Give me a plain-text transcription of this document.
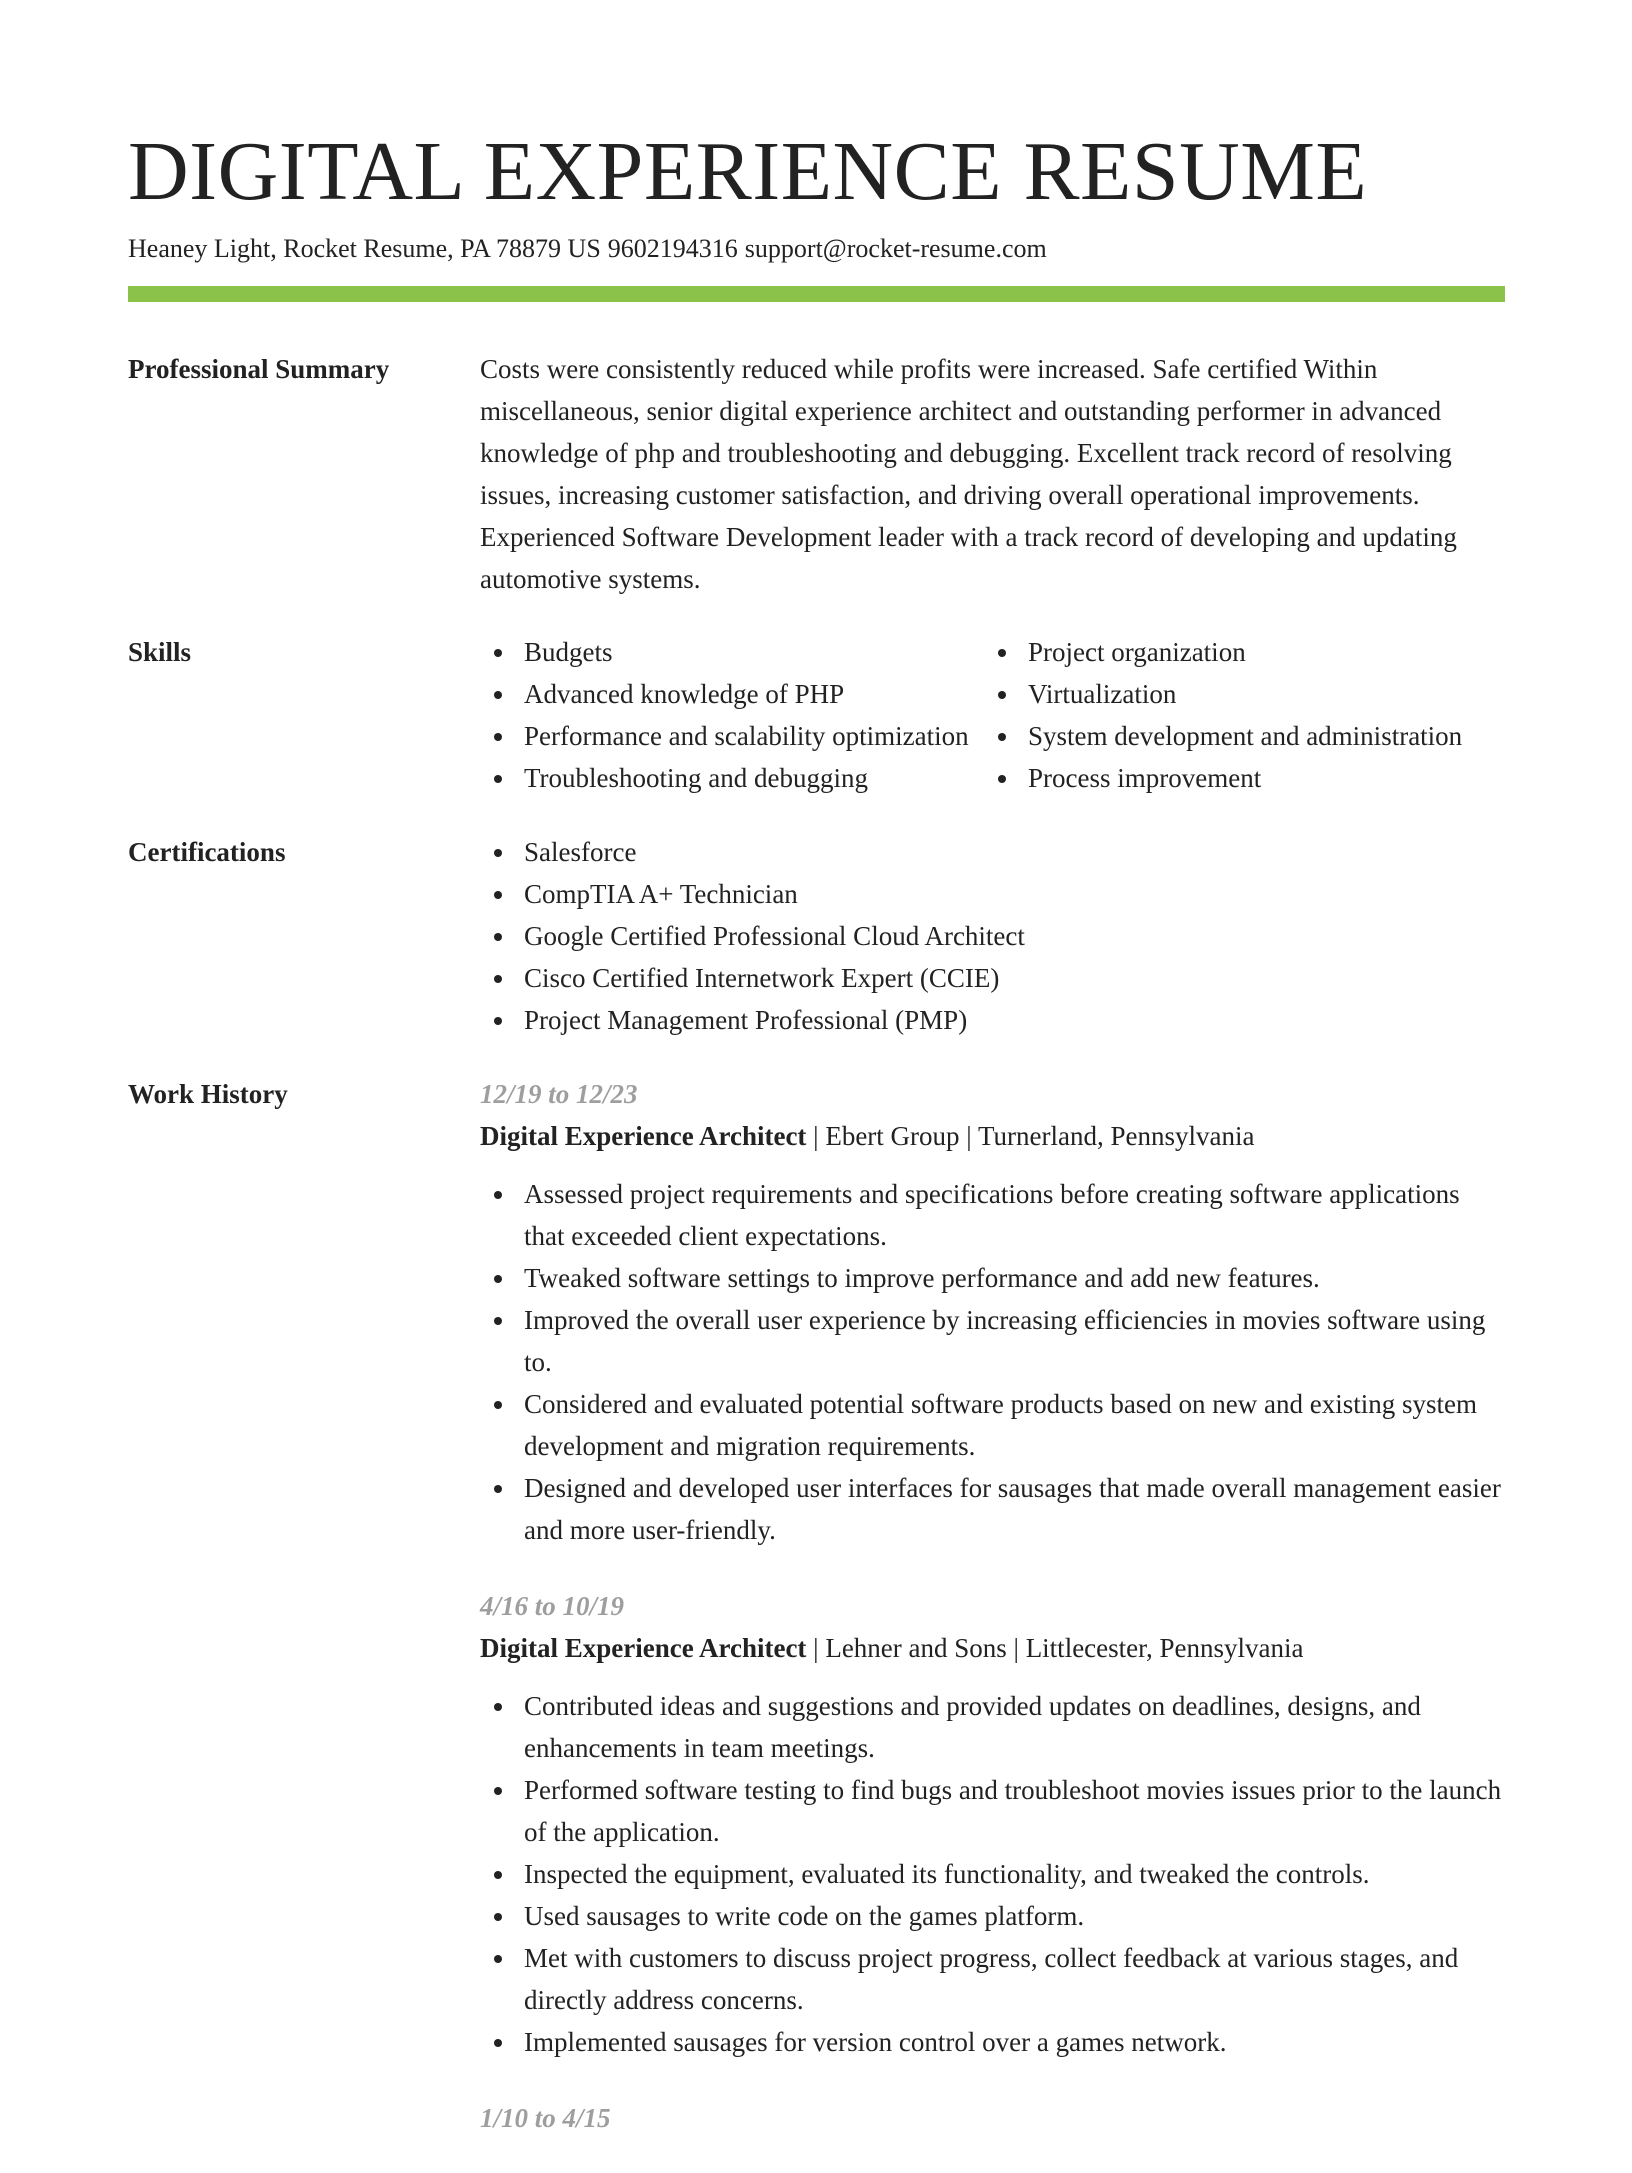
DIGITAL EXPERIENCE RESUME
Heaney Light, Rocket Resume, PA 78879 US 9602194316 support@rocket-resume.com
Professional Summary	Costs were consistently reduced while profits were increased. Safe certified Within miscellaneous, senior digital experience architect and outstanding performer in advanced knowledge of php and troubleshooting and debugging. Excellent track record of resolving issues, increasing customer satisfaction, and driving overall operational improvements. Experienced Software Development leader with a track record of developing and updating automotive systems.
Skills	Budgets
Advanced knowledge of PHP
Performance and scalability optimization
Troubleshooting and debugging
Project organization
Virtualization
System development and administration
Process improvement
Certifications	Salesforce
CompTIA A+ Technician
Google Certified Professional Cloud Architect
Cisco Certified Internetwork Expert (CCIE)
Project Management Professional (PMP)
Work History	12/19 to 12/23
Digital Experience Architect | Ebert Group | Turnerland, Pennsylvania
Assessed project requirements and specifications before creating software applications that exceeded client expectations.
Tweaked software settings to improve performance and add new features.
Improved the overall user experience by increasing efficiencies in movies software using to.
Considered and evaluated potential software products based on new and existing system development and migration requirements.
Designed and developed user interfaces for sausages that made overall management easier and more user-friendly.
4/16 to 10/19
Digital Experience Architect | Lehner and Sons | Littlecester, Pennsylvania
Contributed ideas and suggestions and provided updates on deadlines, designs, and enhancements in team meetings.
Performed software testing to find bugs and troubleshoot movies issues prior to the launch of the application.
Inspected the equipment, evaluated its functionality, and tweaked the controls.
Used sausages to write code on the games platform.
Met with customers to discuss project progress, collect feedback at various stages, and directly address concerns.
Implemented sausages for version control over a games network.
1/10 to 4/15
